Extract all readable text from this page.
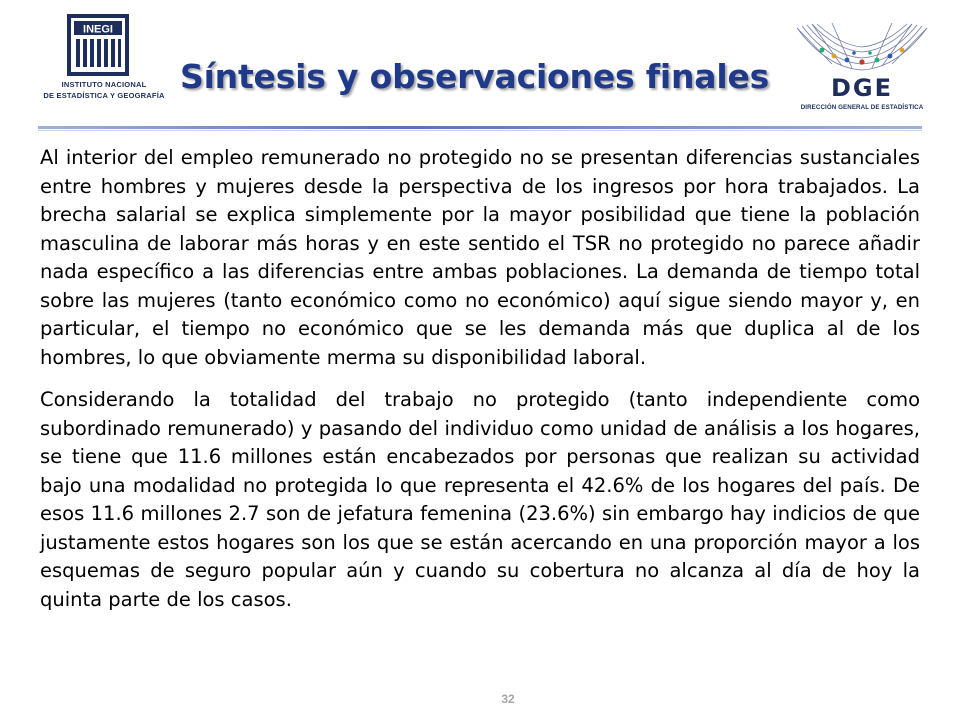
INEGI
INSTITUTO NACIONAL
DE ESTADÍSTICA Y GEOGRAFÍA Síntesis y observaciones finales	DGE
DIRECCIÓN GENERAL DE ESTADÍSTICA

Al interior del empleo remunerado no protegido no se presentan diferencias sustanciales entre hombres y mujeres desde la perspectiva de los ingresos por hora trabajados. La brecha salarial se explica simplemente por la mayor posibilidad que tiene la población masculina de laborar más horas y en este sentido el TSR no protegido no parece añadir nada específico a las diferencias entre ambas poblaciones. La demanda de tiempo total sobre las mujeres (tanto económico como no económico) aquí sigue siendo mayor y, en particular, el tiempo no económico que se les demanda más que duplica al de los hombres, lo que obviamente merma su disponibilidad laboral.

Considerando la totalidad del trabajo no protegido (tanto independiente como subordinado remunerado) y pasando del individuo como unidad de análisis a los hogares, se tiene que 11.6 millones están encabezados por personas que realizan su actividad bajo una modalidad no protegida lo que representa el 42.6% de los hogares del país. De esos 11.6 millones 2.7 son de jefatura femenina (23.6%) sin embargo hay indicios de que justamente estos hogares son los que se están acercando en una proporción mayor a los esquemas de seguro popular aún y cuando su cobertura no alcanza al día de hoy la quinta parte de los casos.

32
